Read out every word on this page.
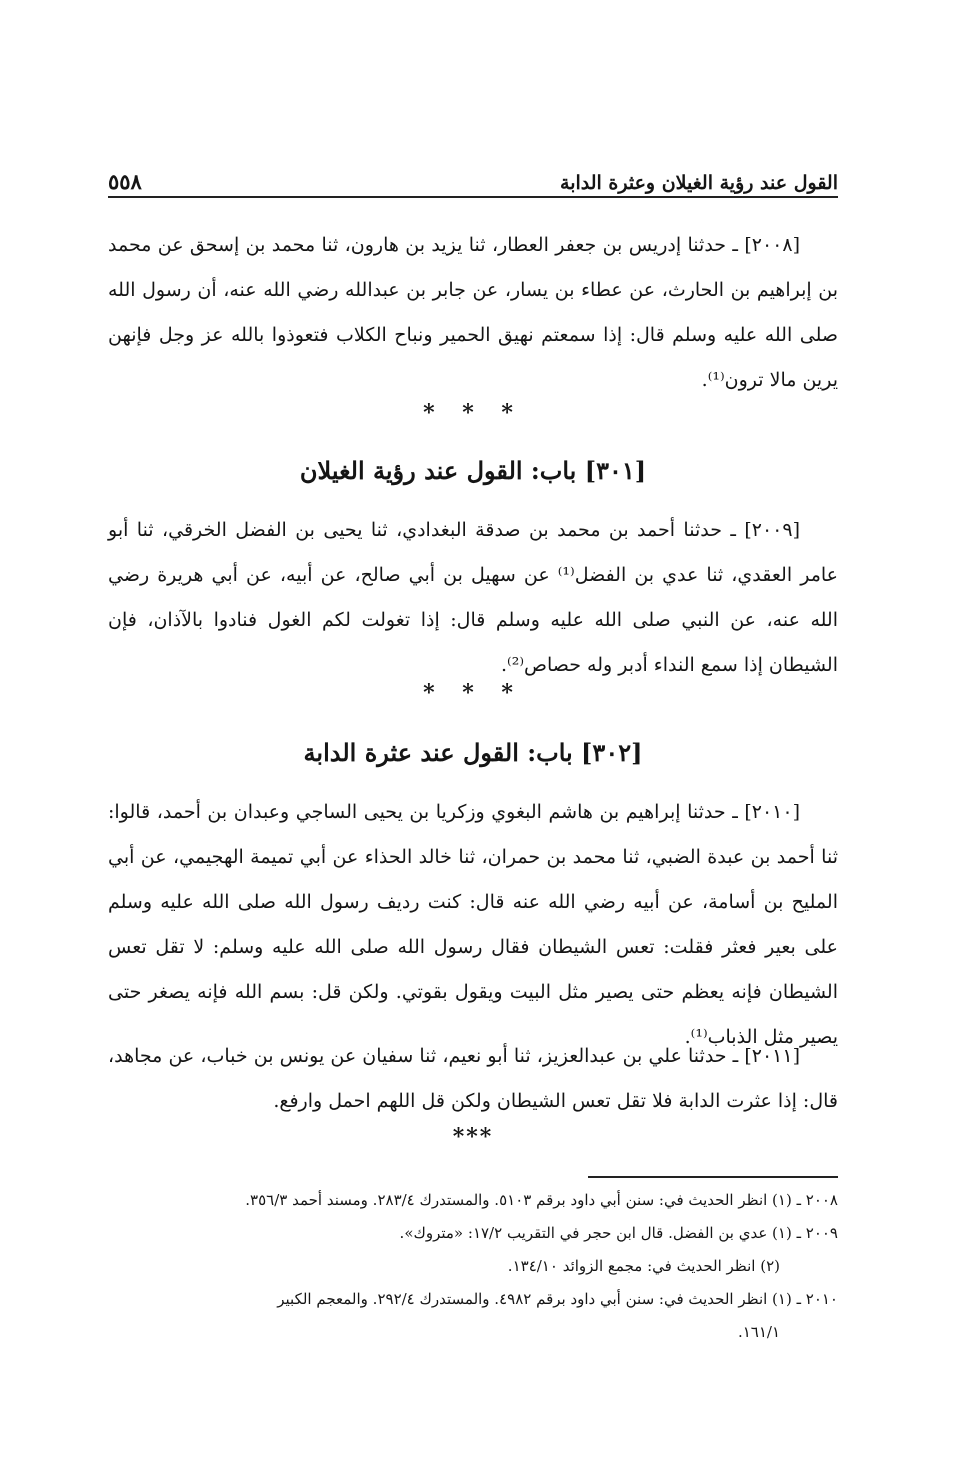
القول عند رؤية الغيلان وعثرة الدابة
٥٥٨

[٢٠٠٨] ـ حدثنا إدريس بن جعفر العطار، ثنا يزيد بن هارون، ثنا محمد بن إسحق عن محمد بن إبراهيم بن الحارث، عن عطاء بن يسار، عن جابر بن عبدالله رضي الله عنه، أن رسول الله صلى الله عليه وسلم قال: إذا سمعتم نهيق الحمير ونباح الكلاب فتعوذوا بالله عز وجل فإنهن يرين مالا ترون⁽¹⁾.

* * *
[٣٠١] باب: القول عند رؤية الغيلان

[٢٠٠٩] ـ حدثنا أحمد بن محمد بن صدقة البغدادي، ثنا يحيى بن الفضل الخرقي، ثنا أبو عامر العقدي، ثنا عدي بن الفضل⁽¹⁾ عن سهيل بن أبي صالح، عن أبيه، عن أبي هريرة رضي الله عنه، عن النبي صلى الله عليه وسلم قال: إذا تغولت لكم الغول فنادوا بالآذان، فإن الشيطان إذا سمع النداء أدبر وله حصاص⁽²⁾.

* * *
[٣٠٢] باب: القول عند عثرة الدابة

[٢٠١٠] ـ حدثنا إبراهيم بن هاشم البغوي وزكريا بن يحيى الساجي وعبدان بن أحمد، قالوا: ثنا أحمد بن عبدة الضبي، ثنا محمد بن حمران، ثنا خالد الحذاء عن أبي تميمة الهجيمي، عن أبي المليح بن أسامة، عن أبيه رضي الله عنه قال: كنت رديف رسول الله صلى الله عليه وسلم على بعير فعثر فقلت: تعس الشيطان فقال رسول الله صلى الله عليه وسلم: لا تقل تعس الشيطان فإنه يعظم حتى يصير مثل البيت ويقول بقوتي. ولكن قل: بسم الله فإنه يصغر حتى يصير مثل الذباب⁽¹⁾.

[٢٠١١] ـ حدثنا علي بن عبدالعزيز، ثنا أبو نعيم، ثنا سفيان عن يونس بن خباب، عن مجاهد، قال: إذا عثرت الدابة فلا تقل تعس الشيطان ولكن قل اللهم احمل وارفع.

***
٢٠٠٨ ـ (١) انظر الحديث في: سنن أبي داود برقم ٥١٠٣. والمستدرك ٢٨٣/٤. ومسند أحمد ٣٥٦/٣.
٢٠٠٩ ـ (١) عدي بن الفضل. قال ابن حجر في التقريب ١٧/٢: «متروك».
(٢) انظر الحديث في: مجمع الزوائد ١٣٤/١٠.
٢٠١٠ ـ (١) انظر الحديث في: سنن أبي داود برقم ٤٩٨٢. والمستدرك ٢٩٢/٤. والمعجم الكبير
١٦١/١.
